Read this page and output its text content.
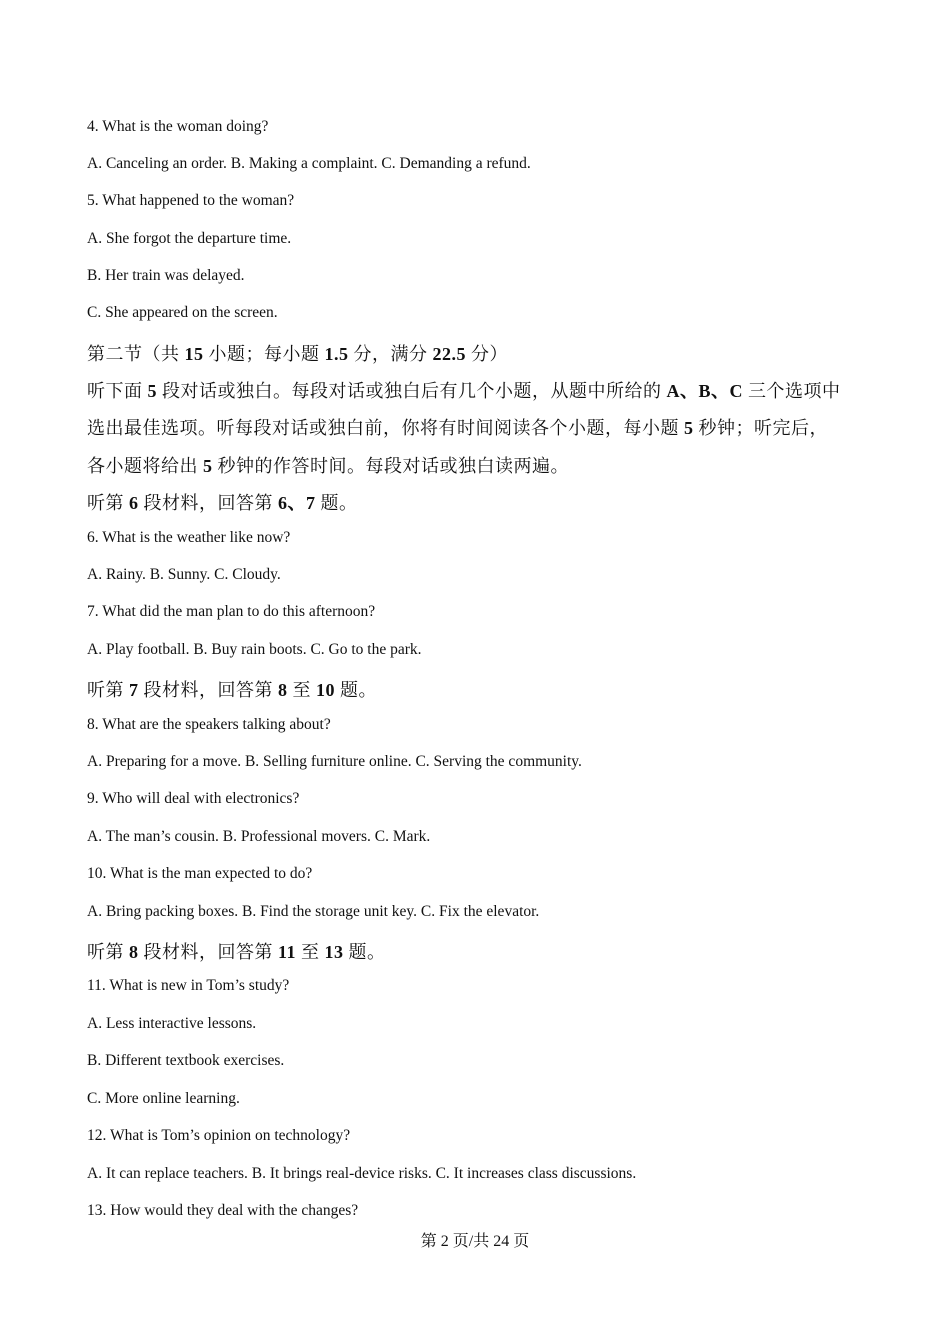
4. What is the woman doing?
A. Canceling an order. B. Making a complaint. C. Demanding a refund.
5. What happened to the woman?
A. She forgot the departure time.
B. Her train was delayed.
C. She appeared on the screen.
第二节（共 15 小题；每小题 1.5 分，满分 22.5 分）
听下面 5 段对话或独白。每段对话或独白后有几个小题，从题中所给的 A、B、C 三个选项中
选出最佳选项。听每段对话或独白前，你将有时间阅读各个小题，每小题 5 秒钟；听完后，
各小题将给出 5 秒钟的作答时间。每段对话或独白读两遍。
听第 6 段材料，回答第 6、7 题。
6. What is the weather like now?
A. Rainy. B. Sunny. C. Cloudy.
7. What did the man plan to do this afternoon?
A. Play football. B. Buy rain boots. C. Go to the park.
听第 7 段材料，回答第 8 至 10 题。
8. What are the speakers talking about?
A. Preparing for a move. B. Selling furniture online. C. Serving the community.
9. Who will deal with electronics?
A. The man’s cousin. B. Professional movers. C. Mark.
10. What is the man expected to do?
A. Bring packing boxes. B. Find the storage unit key. C. Fix the elevator.
听第 8 段材料，回答第 11 至 13 题。
11. What is new in Tom’s study?
A. Less interactive lessons.
B. Different textbook exercises.
C. More online learning.
12. What is Tom’s opinion on technology?
A. It can replace teachers. B. It brings real-device risks. C. It increases class discussions.
13. How would they deal with the changes?
第 2 页/共 24 页
